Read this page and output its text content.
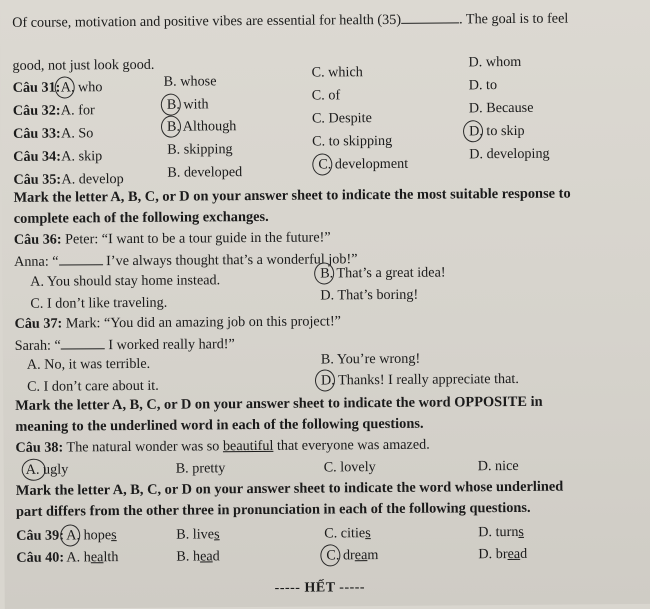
Of course, motivation and positive vibes are essential for health (35)	. The goal is to feel
good, not just look good.
Câu 31: A. who	B. whose
C. which
D. whom
Câu 32: A. for	B. with
C. of
D. to
Câu 33: A. So	B. Although	C. Despite
D. Because
Câu 34: A. skip	B. skipping	C. to skipping
D. to skip
Câu 35: A. develop	B. developed	C. development
D. developing
Mark the letter A, B, C, or D on your answer sheet to indicate the most suitable response to
complete each of the following exchanges.
Câu 36: Peter: “I want to be a tour guide in the future!”
Anna: “	I’ve always thought that’s a wonderful job!”
A. You should stay home instead.	B. That’s a great idea!
C. I don’t like traveling.	D. That’s boring!
Câu 37: Mark: “You did an amazing job on this project!”
Sarah: “	I worked really hard!”
A. No, it was terrible.	B. You’re wrong!
C. I don’t care about it.	D. Thanks! I really appreciate that.
Mark the letter A, B, C, or D on your answer sheet to indicate the word OPPOSITE in
meaning to the underlined word in each of the following questions.
Câu 38: The natural wonder was so beautiful that everyone was amazed.
A. ugly	B. pretty	C. lovely	D. nice
Mark the letter A, B, C, or D on your answer sheet to indicate the word whose underlined
part differs from the other three in pronunciation in each of the following questions.
Câu 39: A. hopes	B. lives	C. cities	D. turns
Câu 40: A. health	B. head	C. dream	D. bread
----- HẾT -----
